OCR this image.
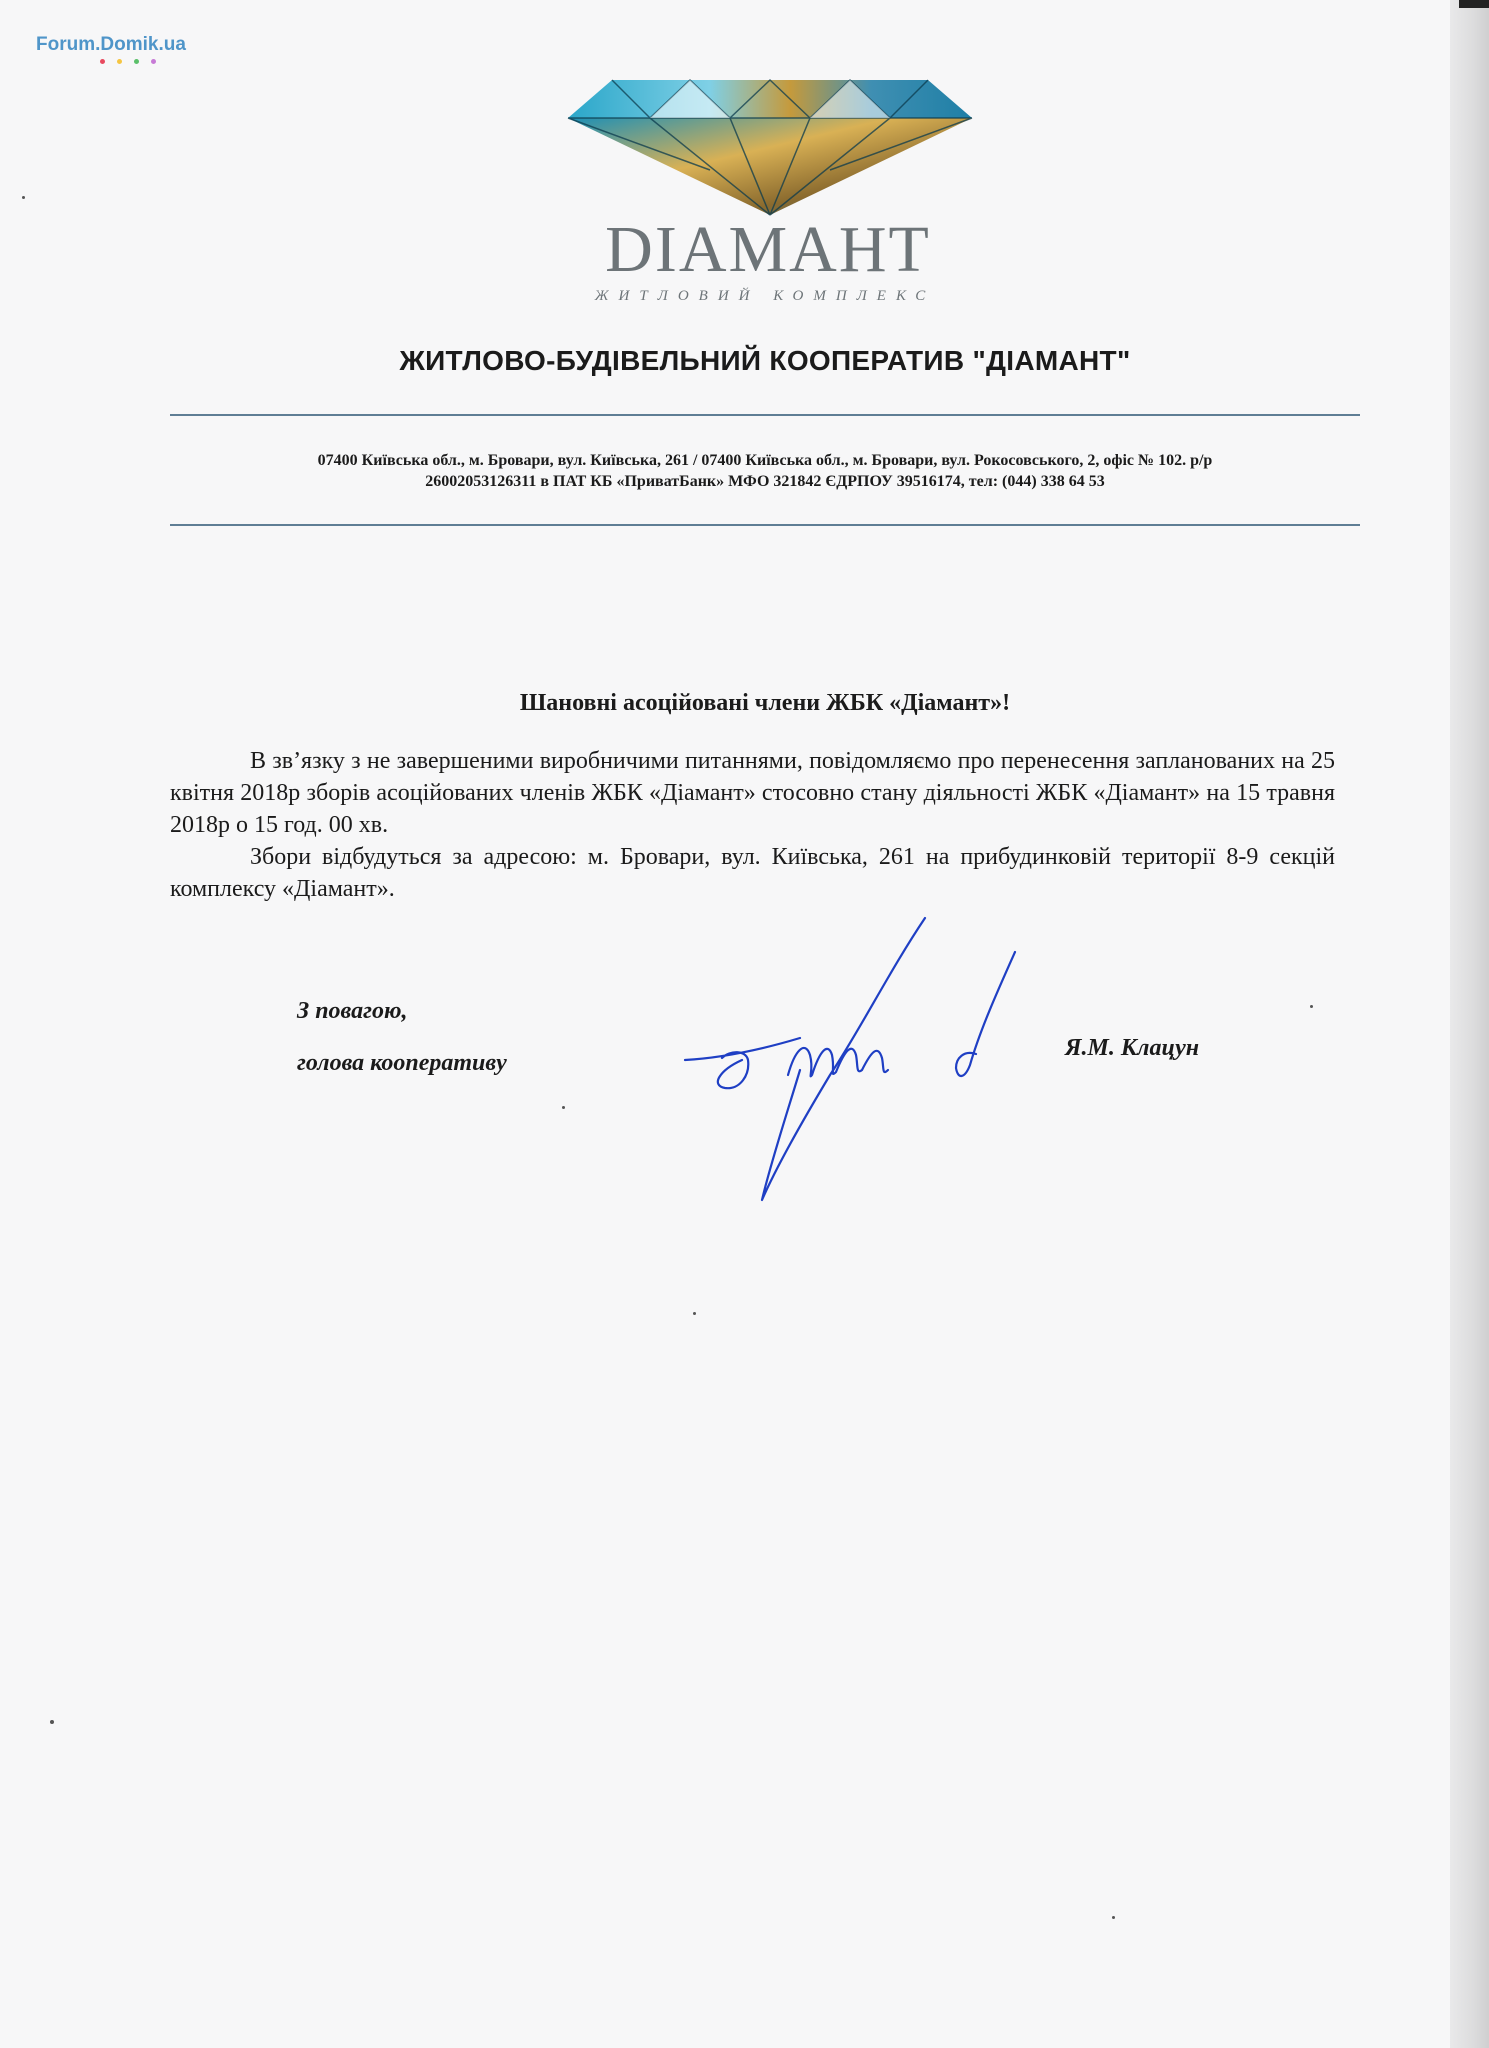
Forum.Domik.ua
DIAMAHT
ЖИТЛОВИЙ КОМПЛЕКС
ЖИТЛОВО-БУДІВЕЛЬНИЙ КООПЕРАТИВ "ДІАМАНТ"
07400 Київська обл., м. Бровари, вул. Київська, 261 / 07400 Київська обл., м. Бровари, вул. Рокосовського, 2, офіс № 102. р/р
26002053126311 в ПАТ КБ «ПриватБанк» МФО 321842 ЄДРПОУ 39516174, тел: (044) 338 64 53
Шановні асоційовані члени ЖБК «Діамант»!

В зв’язку з не завершеними виробничими питаннями, повідомляємо про перенесення запланованих на 25 квітня 2018р зборів асоційованих членів ЖБК «Діамант» стосовно стану діяльності ЖБК «Діамант» на 15 травня 2018р о 15 год. 00 хв.

Збори відбудуться за адресою: м. Бровари, вул. Київська, 261 на прибудинковій території 8-9 секцій комплексу «Діамант».

З повагою,
голова кооперативу
Я.М. Клацун
